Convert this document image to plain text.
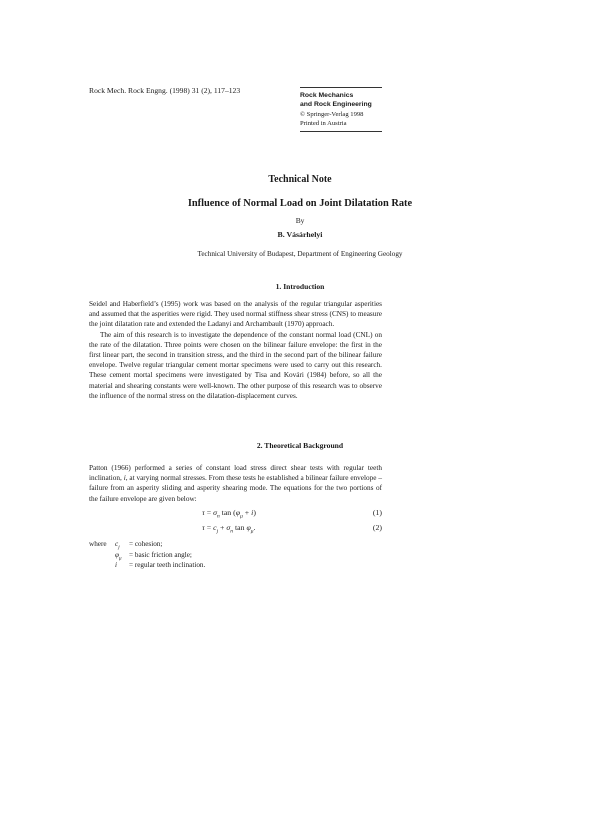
Rock Mech. Rock Engng. (1998) 31 (2), 117–123
Rock Mechanics
and Rock Engineering
© Springer-Verlag 1998
Printed in Austria
Technical Note
Influence of Normal Load on Joint Dilatation Rate
By
B. Vásárhelyi
Technical University of Budapest, Department of Engineering Geology
1. Introduction

Seidel and Haberfield’s (1995) work was based on the analysis of the regular triangular asperities and assumed that the asperities were rigid. They used normal stiffness shear stress (CNS) to measure the joint dilatation rate and extended the Ladanyi and Archambault (1970) approach.

The aim of this research is to investigate the dependence of the constant normal load (CNL) on the rate of the dilatation. Three points were chosen on the bilinear failure envelope: the first in the first linear part, the second in transition stress, and the third in the second part of the bilinear failure envelope. Twelve regular triangular cement mortar specimens were used to carry out this research. These cement mortal specimens were investigated by Tisa and Kovári (1984) before, so all the material and shearing constants were well-known. The other purpose of this research was to observe the influence of the normal stress on the dilatation-displacement curves.

2. Theoretical Background

Patton (1966) performed a series of constant load stress direct shear tests with regular teeth inclination, i, at varying normal stresses. From these tests he established a bilinear failure envelope – failure from an asperity sliding and asperity shearing mode. The equations for the two portions of the failure envelope are given below:

$\tau = \sigma_n$ $\tan (\varphi_\mu + i)$	(1)
$\tau = c_j + \sigma_n$ $\tan \varphi_\mu$.	(2)
where $c_j$ = cohesion;
$\varphi_\mu$ = basic friction angle;
i = regular teeth inclination.
